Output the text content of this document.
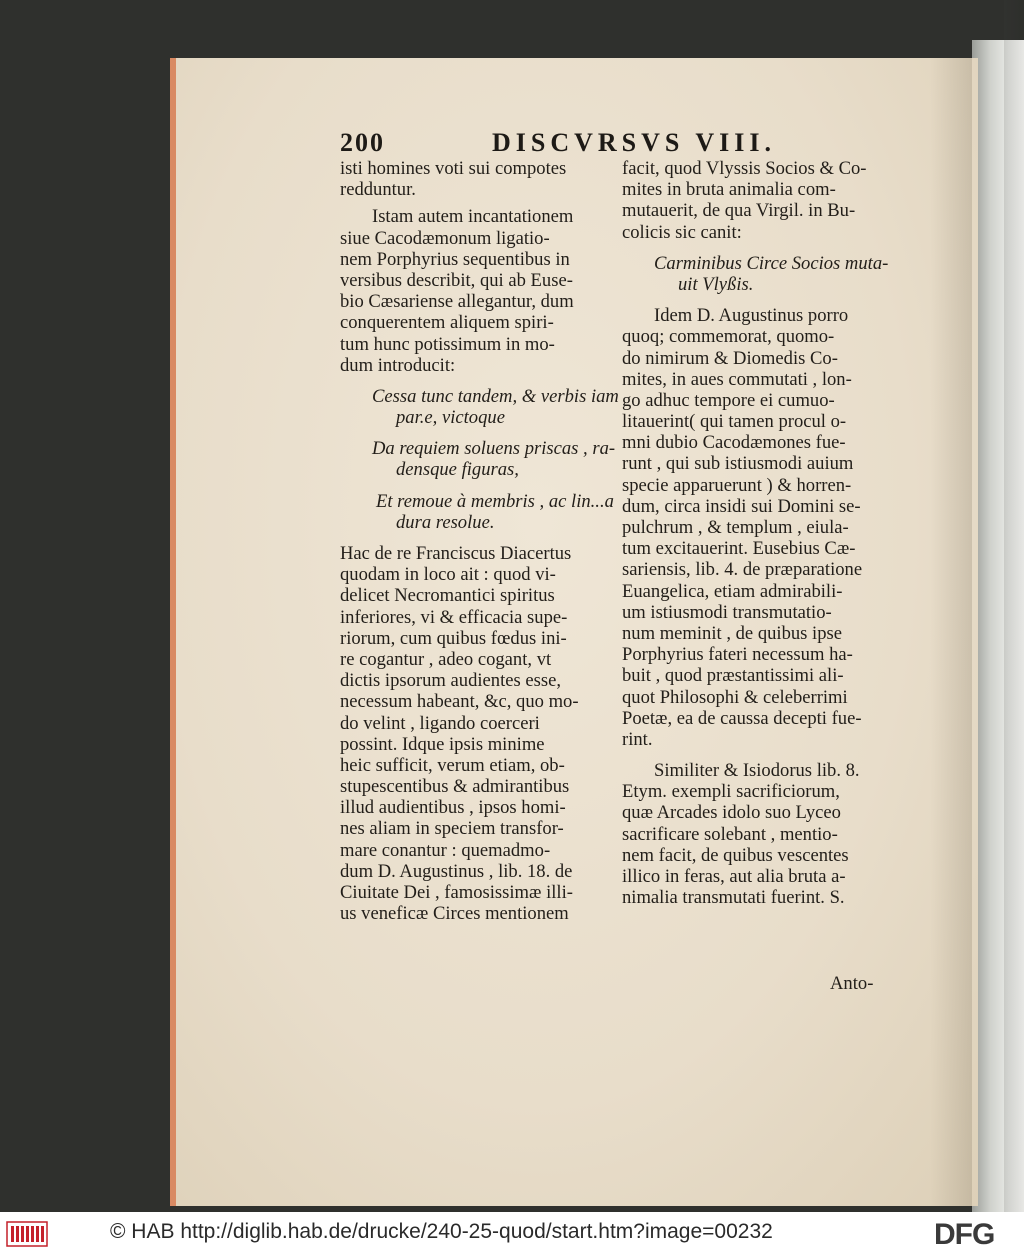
200	DISCVRSVS VIII.
isti homines voti sui compotes
redduntur.
Istam autem incantationem
siue Cacodæmonum ligatio-
nem Porphyrius sequentibus in
versibus describit, qui ab Euse-
bio Cæsariense allegantur, dum
conquerentem aliquem spiri-
tum hunc potissimum in mo-
dum introducit:
Cessa tunc tandem, & verbis iam
par.e, victoque
Da requiem soluens priscas , ra-
densque figuras,
Et remoue à membris , ac lin...a
dura resolue.
Hac de re Franciscus Diacertus
quodam in loco ait : quod vi-
delicet Necromantici spiritus
inferiores, vi & efficacia supe-
riorum, cum quibus fœdus ini-
re cogantur , adeo cogant, vt
dictis ipsorum audientes esse,
necessum habeant, &c, quo mo-
do velint , ligando coerceri
possint. Idque ipsis minime
heic sufficit, verum etiam, ob-
stupescentibus & admirantibus
illud audientibus , ipsos homi-
nes aliam in speciem transfor-
mare conantur : quemadmo-
dum D. Augustinus , lib. 18. de
Ciuitate Dei , famosissimæ illi-
us veneficæ Circes mentionem
facit, quod Vlyssis Socios & Co-
mites in bruta animalia com-
mutauerit, de qua Virgil. in Bu-
colicis sic canit:
Carminibus Circe Socios muta-
uit Vlyßis.
Idem D. Augustinus porro
quoq; commemorat, quomo-
do nimirum & Diomedis Co-
mites, in aues commutati , lon-
go adhuc tempore ei cumuo-
litauerint( qui tamen procul o-
mni dubio Cacodæmones fue-
runt , qui sub istiusmodi auium
specie apparuerunt ) & horren-
dum, circa insidi sui Domini se-
pulchrum , & templum , eiula-
tum excitauerint. Eusebius Cæ-
sariensis, lib. 4. de præparatione
Euangelica, etiam admirabili-
um istiusmodi transmutatio-
num meminit , de quibus ipse
Porphyrius fateri necessum ha-
buit , quod præstantissimi ali-
quot Philosophi & celeberrimi
Poetæ, ea de caussa decepti fue-
rint.
Similiter & Isiodorus lib. 8.
Etym. exempli sacrificiorum,
quæ Arcades idolo suo Lyceo
sacrificare solebant , mentio-
nem facit, de quibus vescentes
illico in feras, aut alia bruta a-
nimalia transmutati fuerint. S.
Anto-
© HAB http://diglib.hab.de/drucke/240-25-quod/start.htm?image=00232	DFG
